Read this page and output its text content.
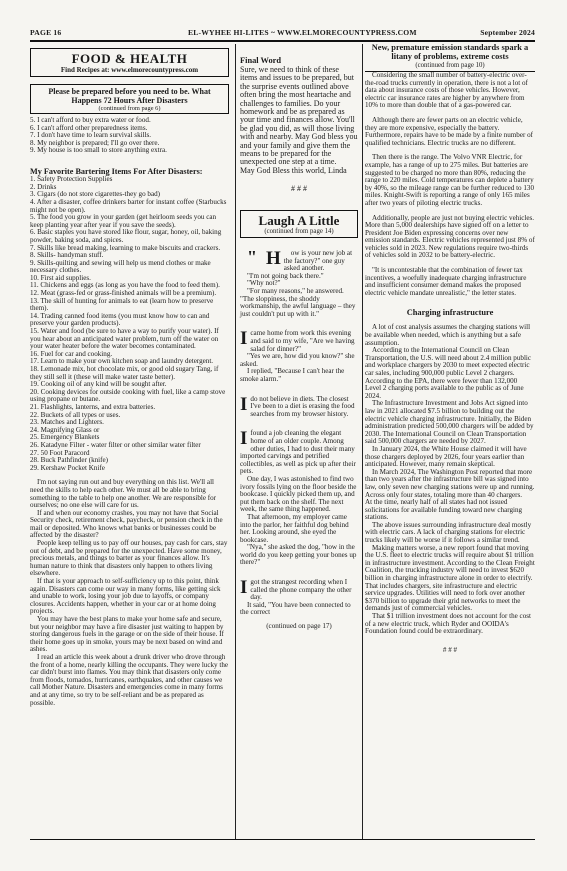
PAGE 16	EL-WYHEE HI-LITES ~ WWW.ELMORECOUNTYPRESS.COM	September 2024
FOOD & HEALTH
Find Recipes at: www.elmorecountypress.com
Please be prepared before you need to be. What Happens 72 Hours After Disasters
(continued from page 6)

5. I can't afford to buy extra water or food.

6. I can't afford other preparedness items.

7. I don't have time to learn survival skills.

8. My neighbor is prepared; I'll go over there.

9. My house is too small to store anything extra.

My Favorite Bartering Items For After Disasters:

1. Safety Protection Supplies

2. Drinks

3. Cigars (do not store cigarettes-they go bad)

4. After a disaster, coffee drinkers barter for instant coffee (Starbucks might not be open).

5. The food you grow in your garden (get heirloom seeds you can keep planting year after year if you save the seeds).

6. Basic staples you have stored like flour, sugar, honey, oil, baking powder, baking soda, and spices.

7. Skills like bread making, learning to make biscuits and crackers.

8. Skills- handyman stuff.

9. Skills-quilting and sewing will help us mend clothes or make necessary clothes.

10. First aid supplies.

11. Chickens and eggs (as long as you have the food to feed them).

12. Meat (grass-fed or grass-finished animals will be a premium).

13. The skill of hunting for animals to eat (learn how to preserve them).

14. Trading canned food items (you must know how to can and preserve your garden products).

15. Water and food (be sure to have a way to purify your water). If you hear about an anticipated water problem, turn off the water on your water heater before the water becomes contaminated.

16. Fuel for car and cooking.

17. Learn to make your own kitchen soap and laundry detergent.

18. Lemonade mix, hot chocolate mix, or good old sugary Tang, if they still sell it (these will make water taste better).

19. Cooking oil of any kind will be sought after.

20. Cooking devices for outside cooking with fuel, like a camp stove using propane or butane.

21. Flashlights, lanterns, and extra batteries.

22. Buckets of all types or uses.

23. Matches and Lighters.

24. Magnifying Glass or

25. Emergency Blankets

26. Katadyne Filter - water filter or other similar water filter

27. 50 Foot Paracord

28. Buck Pathfinder (knife)

29. Kershaw Pocket Knife

I'm not saying run out and buy everything on this list. We'll all need the skills to help each other. We must all be able to bring something to the table to help one another. We are responsible for ourselves; no one else will care for us.

If and when our economy crashes, you may not have that Social Security check, retirement check, paycheck, or pension check in the mail or deposited. Who knows what banks or businesses could be affected by the disaster?

People keep telling us to pay off our houses, pay cash for cars, stay out of debt, and be prepared for the unexpected. Have some money, precious metals, and things to barter as your finances allow. It's human nature to think that disasters only happen to others living elsewhere.

If that is your approach to self-sufficiency up to this point, think again. Disasters can come our way in many forms, like getting sick and unable to work, losing your job due to layoffs, or company closures. Accidents happen, whether in your car or at home doing projects.

You may have the best plans to make your home safe and secure, but your neighbor may have a fire disaster just waiting to happen by storing dangerous fuels in the garage or on the side of their house. If their home goes up in smoke, yours may be next based on wind and ashes.

I read an article this week about a drunk driver who drove through the front of a home, nearly killing the occupants. They were lucky the car didn't burst into flames. You may think that disasters only come from floods, tornados, hurricanes, earthquakes, and other causes we call Mother Nature. Disasters and emergencies come in many forms and at any time, so try to be self-reliant and be as prepared as possible.

Final Word

Sure, we need to think of these items and issues to be prepared, but the surprise events outlined above often bring the most heartache and challenges to families. Do your homework and be as prepared as your time and finances allow. You'll be glad you did, as will those living with and nearby. May God bless you and your family and give them the means to be prepared for the unexpected one step at a time.

May God Bless this world, Linda

# # #

Laugh A Little
(continued from page 14)

" H ow is your new job at the factory?" one guy asked another.

"I'm not going back there."

"Why not?"

"For many reasons," he answered. "The sloppiness, the shoddy workmanship, the awful language – they just couldn't put up with it."

I came home from work this evening and said to my wife, "Are we having salad for dinner?"

"Yes we are, how did you know?" she asked.

I replied, "Because I can't hear the smoke alarm."

I do not believe in diets. The closest I've been to a diet is erasing the food searches from my browser history.

I found a job cleaning the elegant home of an older couple. Among other duties, I had to dust their many imported carvings and petrified collectibles, as well as pick up after their pets.

One day, I was astonished to find two ivory fossils lying on the floor beside the bookcase. I quickly picked them up, and put them back on the shelf. The next week, the same thing happened.

That afternoon, my employer came into the parlor, her faithful dog behind her. Looking around, she eyed the bookcase.

"Nya," she asked the dog, "how in the world do you keep getting your bones up there?"

I got the strangest recording when I called the phone company the other day.

It said, "You have been connected to the correct

(continued on page 17)

New, premature emission standards spark a litany of problems, extreme costs
(continued from page 10)

Considering the small number of battery-electric over-the-road trucks currently in operation, there is not a lot of data about insurance costs of those vehicles. However, electric car insurance rates are higher by anywhere from 10% to more than double that of a gas-powered car.

Although there are fewer parts on an electric vehicle, they are more expensive, especially the battery. Furthermore, repairs have to be made by a finite number of qualified technicians. Electric trucks are no different.

Then there is the range. The Volvo VNR Electric, for example, has a range of up to 275 miles. But batteries are suggested to be charged no more than 80%, reducing the range to 220 miles. Cold temperatures can deplete a battery by 40%, so the mileage range can be further reduced to 130 miles. Knight-Swift is reporting a range of only 165 miles after two years of piloting electric trucks.

Additionally, people are just not buying electric vehicles. More than 5,000 dealerships have signed off on a letter to President Joe Biden expressing concerns over new emission standards. Electric vehicles represented just 8% of vehicles sold in 2023. New regulations require two-thirds of vehicles sold in 2032 to be battery-electric.

"It is uncontestable that the combination of fewer tax incentives, a woefully inadequate charging infrastructure and insufficient consumer demand makes the proposed electric vehicle mandate unrealistic," the letter states.

Charging infrastructure

A lot of cost analysis assumes the charging stations will be available when needed, which is anything but a safe assumption.

According to the International Council on Clean Transportation, the U.S. will need about 2.4 million public and workplace chargers by 2030 to meet expected electric car sales, including 900,000 public Level 2 chargers. According to the EPA, there were fewer than 132,000 Level 2 charging ports available to the public as of June 2024.

The Infrastructure Investment and Jobs Act signed into law in 2021 allocated $7.5 billion to building out the electric vehicle charging infrastructure. Initially, the Biden administration predicted 500,000 chargers will be added by 2030. The International Council on Clean Transportation said 500,000 chargers are needed by 2027.

In January 2024, the White House claimed it will have those chargers deployed by 2026, four years earlier than anticipated. However, many remain skeptical.

In March 2024, The Washington Post reported that more than two years after the infrastructure bill was signed into law, only seven new charging stations were up and running. Across only four states, totaling more than 40 chargers.

At the time, nearly half of all states had not issued solicitations for available funding toward new charging stations.

The above issues surrounding infrastructure deal mostly with electric cars. A lack of charging stations for electric trucks likely will be worse if it follows a similar trend.

Making matters worse, a new report found that moving the U.S. fleet to electric trucks will require about $1 trillion in infrastructure investment. According to the Clean Freight Coalition, the trucking industry will need to invest $620 billion in charging infrastructure alone in order to electrify. That includes chargers, site infrastructure and electric service upgrades. Utilities will need to fork over another $370 billion to upgrade their grid networks to meet the demands just of commercial vehicles.

That $1 trillion investment does not account for the cost of a new electric truck, which Ryder and OOIDA's Foundation found could be extraordinary.

# # #
